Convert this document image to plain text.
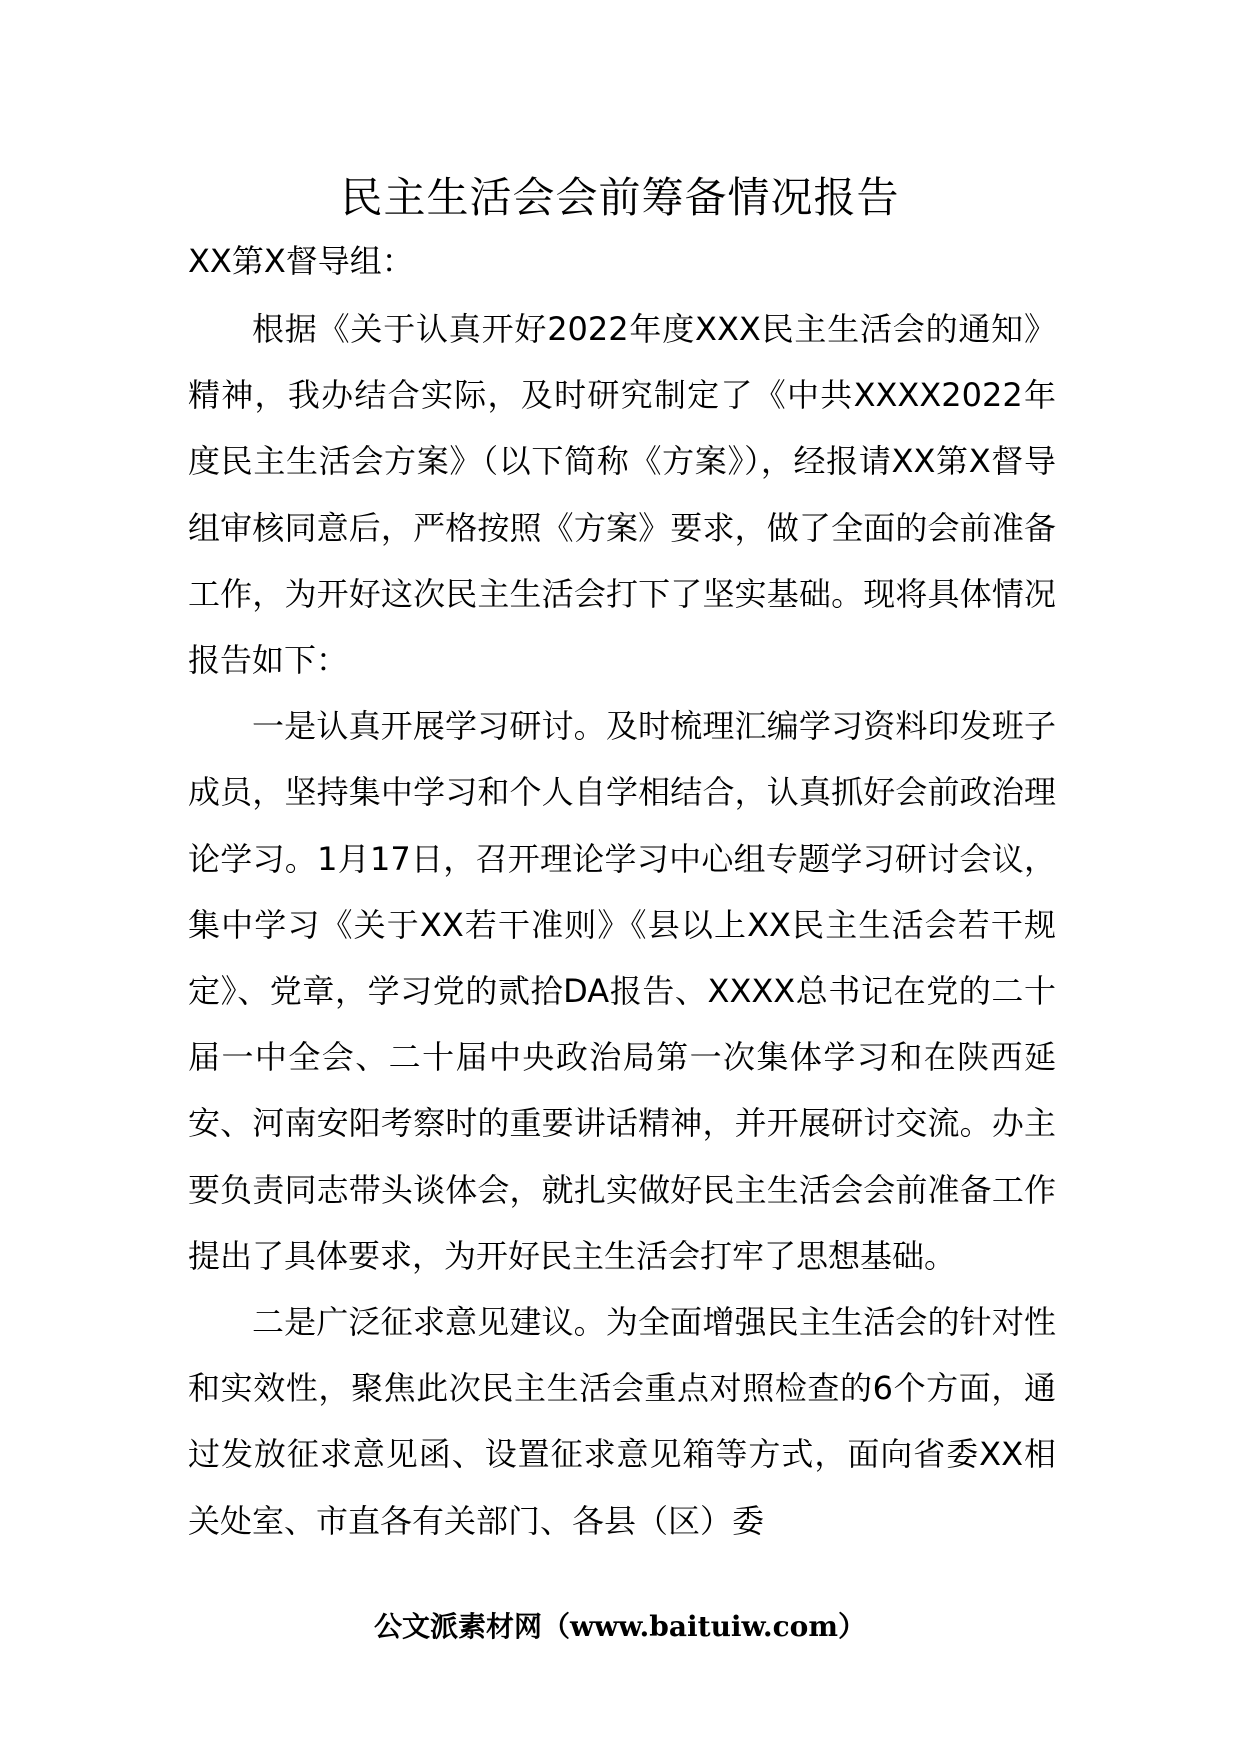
民主生活会会前筹备情况报告
XX第X督导组：

根据《关于认真开好2022年度XXX民主生活会的通知》精神，我办结合实际，及时研究制定了《中共XXXX2022年度民主生活会方案》（以下简称《方案》），经报请XX第X督导组审核同意后，严格按照《方案》要求，做了全面的会前准备工作，为开好这次民主生活会打下了坚实基础。现将具体情况报告如下：

一是认真开展学习研讨。及时梳理汇编学习资料印发班子成员，坚持集中学习和个人自学相结合，认真抓好会前政治理论学习。1月17日，召开理论学习中心组专题学习研讨会议，集中学习《关于XX若干准则》《县以上XX民主生活会若干规定》、党章，学习党的贰拾DA报告、XXXX总书记在党的二十届一中全会、二十届中央政治局第一次集体学习和在陕西延安、河南安阳考察时的重要讲话精神，并开展研讨交流。办主要负责同志带头谈体会，就扎实做好民主生活会会前准备工作提出了具体要求，为开好民主生活会打牢了思想基础。

二是广泛征求意见建议。为全面增强民主生活会的针对性和实效性，聚焦此次民主生活会重点对照检查的6个方面，通过发放征求意见函、设置征求意见箱等方式，面向省委XX相关处室、市直各有关部门、各县（区）委

公文派素材网（www.baituiw.com）
